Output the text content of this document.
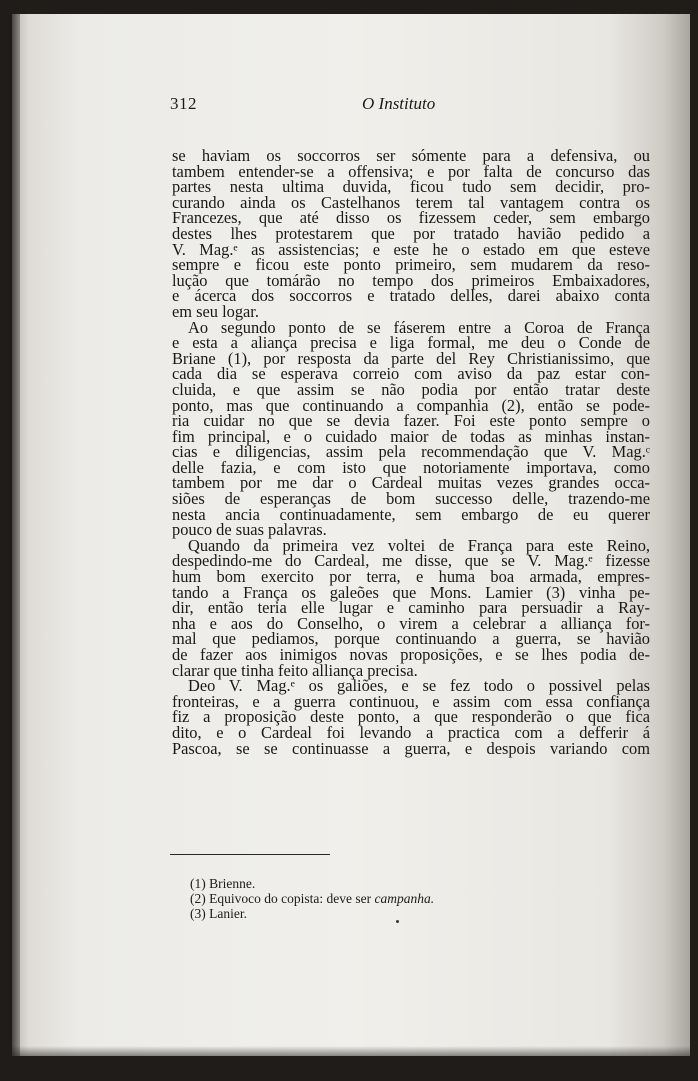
312	O Instituto
se haviam os soccorros ser sómente para a defensiva, ou
tambem entender-se a offensiva; e por falta de concurso das
partes nesta ultima duvida, ficou tudo sem decidir, pro-
curando ainda os Castelhanos terem tal vantagem contra os
Francezes, que até disso os fizessem ceder, sem embargo
destes lhes protestarem que por tratado havião pedido a
V. Mag.ᵉ as assistencias; e este he o estado em que esteve
sempre e ficou este ponto primeiro, sem mudarem da reso-
lução que tomárão no tempo dos primeiros Embaixadores,
e ácerca dos soccorros e tratado delles, darei abaixo conta
em seu logar.
Ao segundo ponto de se fáserem entre a Coroa de França
e esta a aliança precisa e liga formal, me deu o Conde de
Briane (1), por resposta da parte del Rey Christianissimo, que
cada dia se esperava correio com aviso da paz estar con-
cluida, e que assim se não podia por então tratar deste
ponto, mas que continuando a companhia (2), então se pode-
ria cuidar no que se devia fazer. Foi este ponto sempre o
fim principal, e o cuidado maior de todas as minhas instan-
cias e diligencias, assim pela recommendação que V. Mag.ᶜ
delle fazia, e com isto que notoriamente importava, como
tambem por me dar o Cardeal muitas vezes grandes occa-
siões de esperanças de bom successo delle, trazendo-me
nesta ancia continuadamente, sem embargo de eu querer
pouco de suas palavras.
Quando da primeira vez voltei de França para este Reino,
despedindo-me do Cardeal, me disse, que se V. Mag.ᵉ fizesse
hum bom exercito por terra, e huma boa armada, empres-
tando a França os galeões que Mons. Lamier (3) vinha pe-
dir, então teria elle lugar e caminho para persuadir a Ray-
nha e aos do Conselho, o virem a celebrar a alliança for-
mal que pediamos, porque continuando a guerra, se havião
de fazer aos inimigos novas proposições, e se lhes podia de-
clarar que tinha feito alliança precisa.
Deo V. Mag.ᵉ os galiões, e se fez todo o possivel pelas
fronteiras, e a guerra continuou, e assim com essa confiança
fiz a proposição deste ponto, a que responderão o que fica
dito, e o Cardeal foi levando a practica com a defferir á
Pascoa, se se continuasse a guerra, e despois variando com
(1) Brienne.
(2) Equivoco do copista: deve ser campanha.
(3) Lanier.
